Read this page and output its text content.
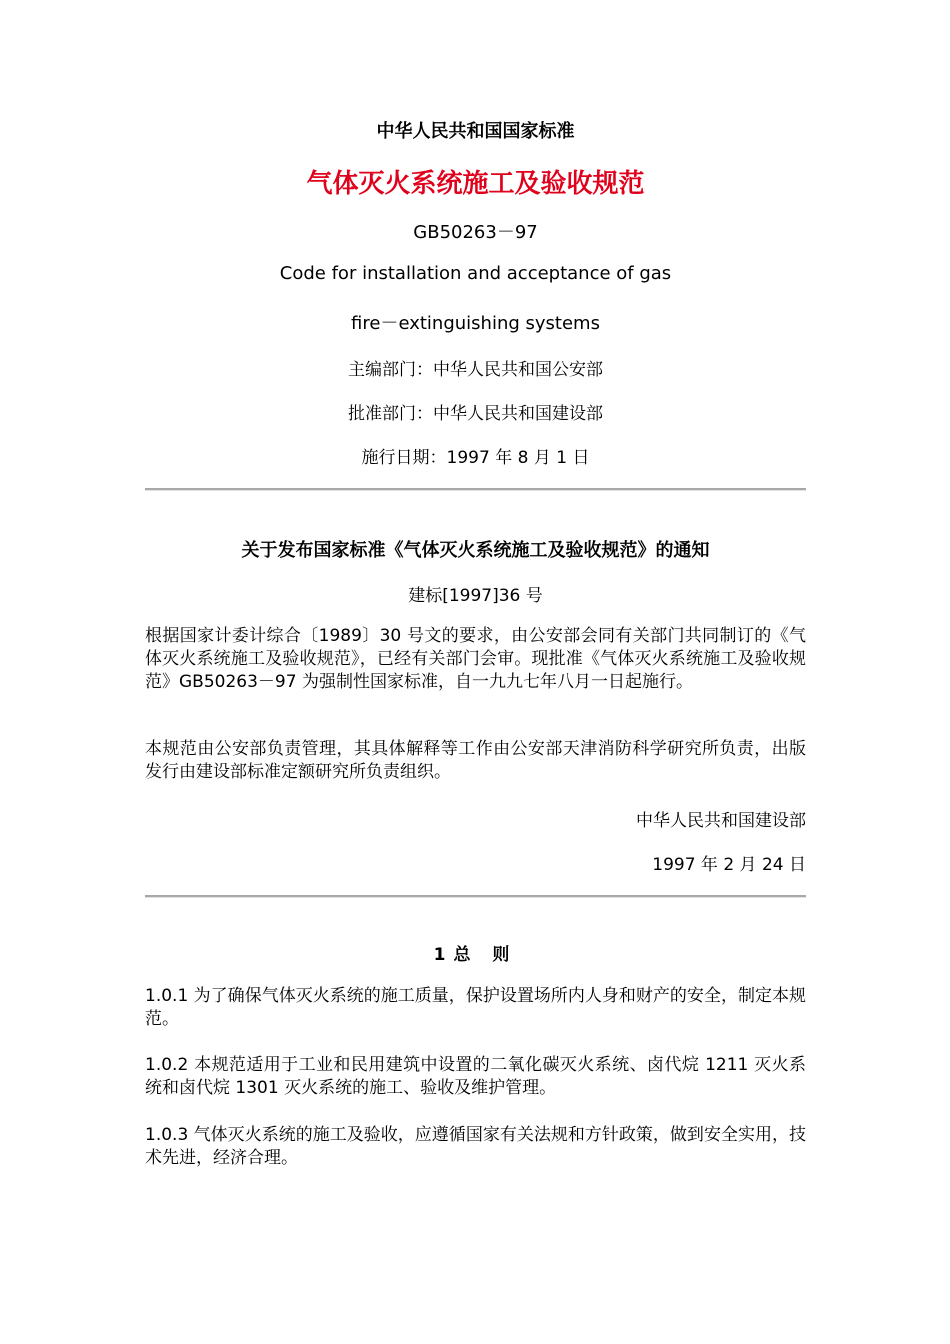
中华人民共和国国家标准
气体灭火系统施工及验收规范
GB50263－97
Code for installation and acceptance of gas
fire－extinguishing systems
主编部门：中华人民共和国公安部
批准部门：中华人民共和国建设部
施行日期：1997 年 8 月 1 日
关于发布国家标准《气体灭火系统施工及验收规范》的通知
建标[1997]36 号
根据国家计委计综合〔1989〕30 号文的要求，由公安部会同有关部门共同制订的《气体灭火系统施工及验收规范》，已经有关部门会审。现批准《气体灭火系统施工及验收规范》GB50263－97 为强制性国家标准，自一九九七年八月一日起施行。
本规范由公安部负责管理，其具体解释等工作由公安部天津消防科学研究所负责，出版发行由建设部标准定额研究所负责组织。
中华人民共和国建设部
1997 年 2 月 24 日
1 总 则
1.0.1 为了确保气体灭火系统的施工质量，保护设置场所内人身和财产的安全，制定本规范。
1.0.2 本规范适用于工业和民用建筑中设置的二氧化碳灭火系统、卤代烷 1211 灭火系统和卤代烷 1301 灭火系统的施工、验收及维护管理。
1.0.3 气体灭火系统的施工及验收，应遵循国家有关法规和方针政策，做到安全实用，技术先进，经济合理。
